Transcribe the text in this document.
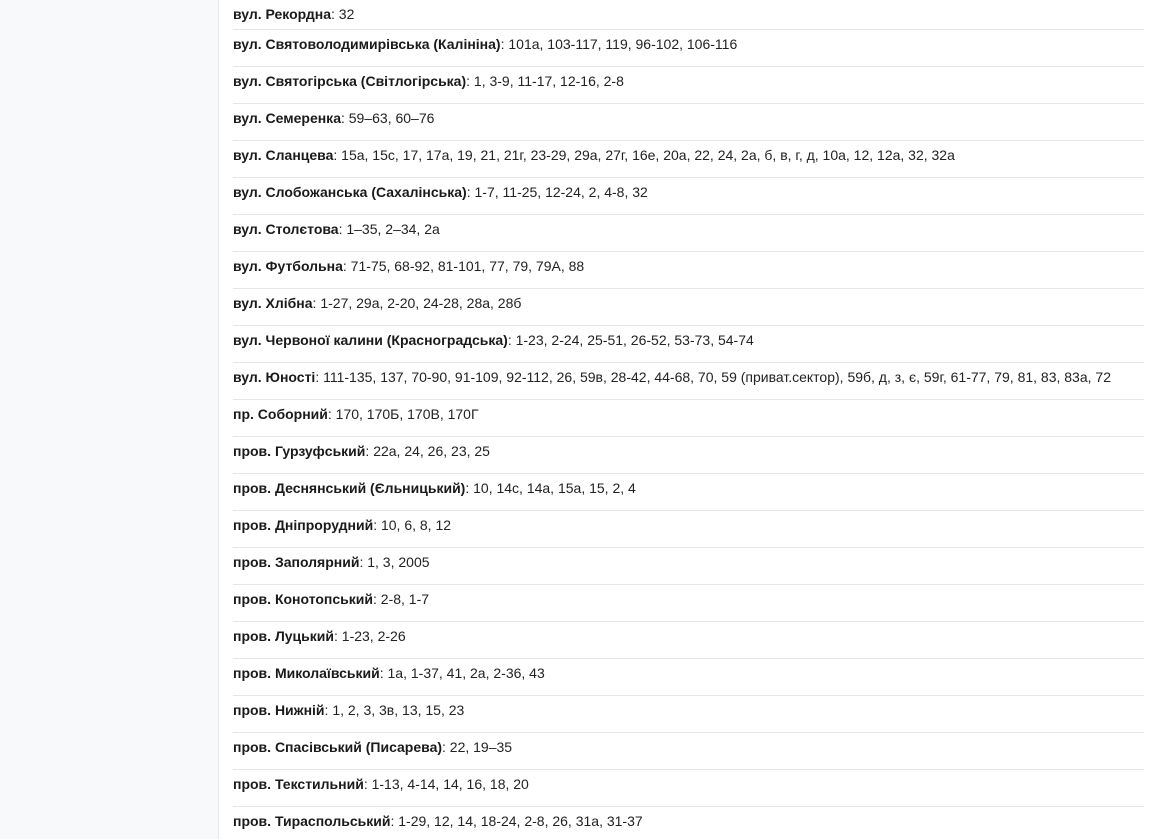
вул. Рекордна: 32
вул. Святоволодимирівська (Калініна): 101а, 103-117, 119, 96-102, 106-116
вул. Святогірська (Світлогірська): 1, 3-9, 11-17, 12-16, 2-8
вул. Семеренка: 59–63, 60–76
вул. Сланцева: 15а, 15с, 17, 17а, 19, 21, 21г, 23-29, 29а, 27г, 16е, 20а, 22, 24, 2а, б, в, г, д, 10а, 12, 12а, 32, 32а
вул. Слобожанська (Сахалінська): 1-7, 11-25, 12-24, 2, 4-8, 32
вул. Столєтова: 1–35, 2–34, 2а
вул. Футбольна: 71-75, 68-92, 81-101, 77, 79, 79А, 88
вул. Хлібна: 1-27, 29а, 2-20, 24-28, 28а, 28б
вул. Червоної калини (Красноградська): 1-23, 2-24, 25-51, 26-52, 53-73, 54-74
вул. Юності: 111-135, 137, 70-90, 91-109, 92-112, 26, 59в, 28-42, 44-68, 70, 59 (приват.сектор), 59б, д, з, є, 59г, 61-77, 79, 81, 83, 83а, 72
пр. Соборний: 170, 170Б, 170В, 170Г
пров. Гурзуфський: 22а, 24, 26, 23, 25
пров. Деснянський (Єльницький): 10, 14с, 14а, 15а, 15, 2, 4
пров. Дніпрорудний: 10, 6, 8, 12
пров. Заполярний: 1, 3, 2005
пров. Конотопський: 2-8, 1-7
пров. Луцький: 1-23, 2-26
пров. Миколаївський: 1а, 1-37, 41, 2а, 2-36, 43
пров. Нижній: 1, 2, 3, 3в, 13, 15, 23
пров. Спасівський (Писарева): 22, 19–35
пров. Текстильний: 1-13, 4-14, 14, 16, 18, 20
пров. Тираспольський: 1-29, 12, 14, 18-24, 2-8, 26, 31а, 31-37
